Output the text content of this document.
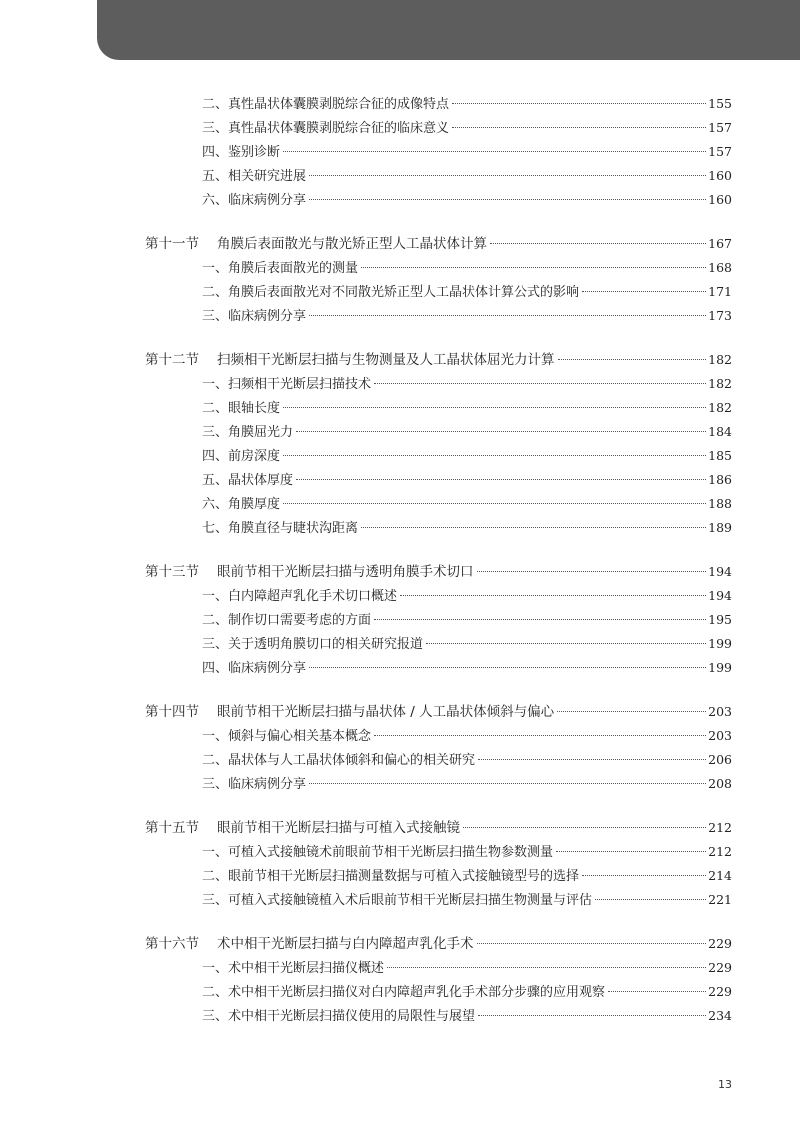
二、真性晶状体囊膜剥脱综合征的成像特点	155
三、真性晶状体囊膜剥脱综合征的临床意义	157
四、鉴别诊断	157
五、相关研究进展	160
六、临床病例分享	160
第十一节	角膜后表面散光与散光矫正型人工晶状体计算	167
一、角膜后表面散光的测量	168
二、角膜后表面散光对不同散光矫正型人工晶状体计算公式的影响	171
三、临床病例分享	173
第十二节	扫频相干光断层扫描与生物测量及人工晶状体屈光力计算	182
一、扫频相干光断层扫描技术	182
二、眼轴长度	182
三、角膜屈光力	184
四、前房深度	185
五、晶状体厚度	186
六、角膜厚度	188
七、角膜直径与睫状沟距离	189
第十三节	眼前节相干光断层扫描与透明角膜手术切口	194
一、白内障超声乳化手术切口概述	194
二、制作切口需要考虑的方面	195
三、关于透明角膜切口的相关研究报道	199
四、临床病例分享	199
第十四节	眼前节相干光断层扫描与晶状体 / 人工晶状体倾斜与偏心	203
一、倾斜与偏心相关基本概念	203
二、晶状体与人工晶状体倾斜和偏心的相关研究	206
三、临床病例分享	208
第十五节	眼前节相干光断层扫描与可植入式接触镜	212
一、可植入式接触镜术前眼前节相干光断层扫描生物参数测量	212
二、眼前节相干光断层扫描测量数据与可植入式接触镜型号的选择	214
三、可植入式接触镜植入术后眼前节相干光断层扫描生物测量与评估	221
第十六节	术中相干光断层扫描与白内障超声乳化手术	229
一、术中相干光断层扫描仪概述	229
二、术中相干光断层扫描仪对白内障超声乳化手术部分步骤的应用观察	229
三、术中相干光断层扫描仪使用的局限性与展望	234
13
